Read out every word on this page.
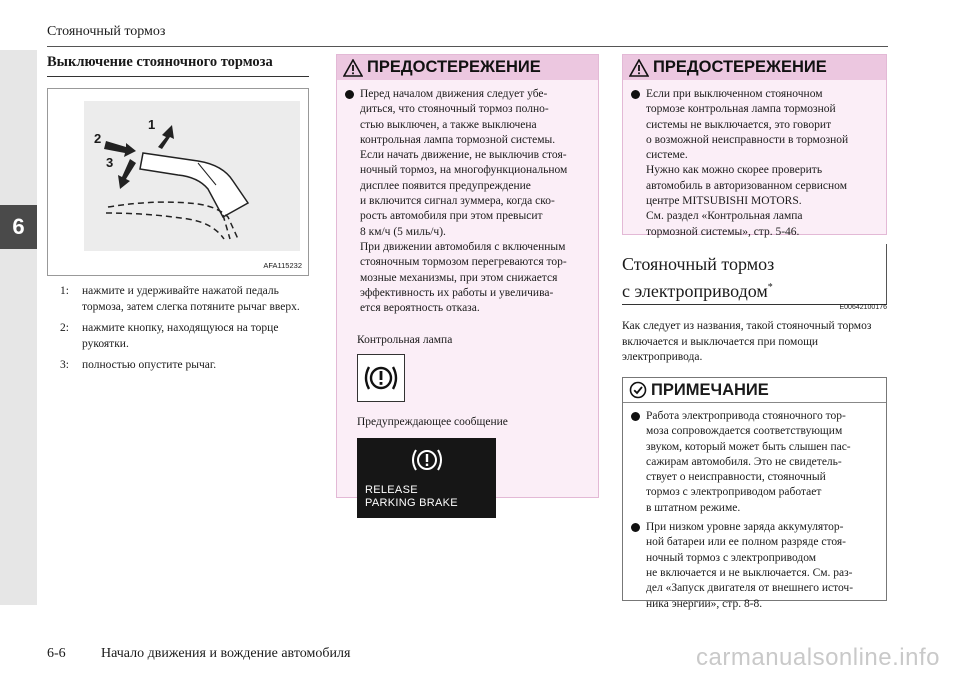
6
Стояночный тормоз
Выключение стояночного тормоза
1
2
3
AFA115232
1:	нажмите и удерживайте нажатой педаль тормоза, затем слегка потяните рычаг вверх.
2:	нажмите кнопку, находящуюся на торце рукоятки.
3:	полностью опустите рычаг.
ПРЕДОСТЕРЕЖЕНИЕ
Перед началом движения следует убе-
диться, что стояночный тормоз полно-
стью выключен, а также выключена
контрольная лампа тормозной системы.
Если начать движение, не выключив стоя-
ночный тормоз, на многофункциональном
дисплее появится предупреждение
и включится сигнал зуммера, когда ско-
рость автомобиля при этом превысит
8 км/ч (5 миль/ч).
При движении автомобиля с включенным
стояночным тормозом перегреваются тор-
мозные механизмы, при этом снижается
эффективность их работы и увеличива-
ется вероятность отказа.
Контрольная лампа
Предупреждающее сообщение
RELEASE
PARKING BRAKE
ПРЕДОСТЕРЕЖЕНИЕ
Если при выключенном стояночном
тормозе контрольная лампа тормозной
системы не выключается, это говорит
о возможной неисправности в тормозной
системе.
Нужно как можно скорее проверить
автомобиль в авторизованном сервисном
центре MITSUBISHI MOTORS.
См. раздел «Контрольная лампа
тормозной системы», стр. 5-46.
Стояночный тормоз
с электроприводом*
E00642100176
Как следует из названия, такой стояночный тормоз включается и выключается при помощи электропривода.
ПРИМЕЧАНИЕ
Работа электропривода стояночного тор-
моза сопровождается соответствующим
звуком, который может быть слышен пас-
сажирам автомобиля. Это не свидетель-
ствует о неисправности, стояночный
тормоз с электроприводом работает
в штатном режиме.
При низком уровне заряда аккумулятор-
ной батареи или ее полном разряде стоя-
ночный тормоз с электроприводом
не включается и не выключается. См. раз-
дел «Запуск двигателя от внешнего источ-
ника энергии», стр. 8-8.
6-6	Начало движения и вождение автомобиля	carmanualsonline.info
